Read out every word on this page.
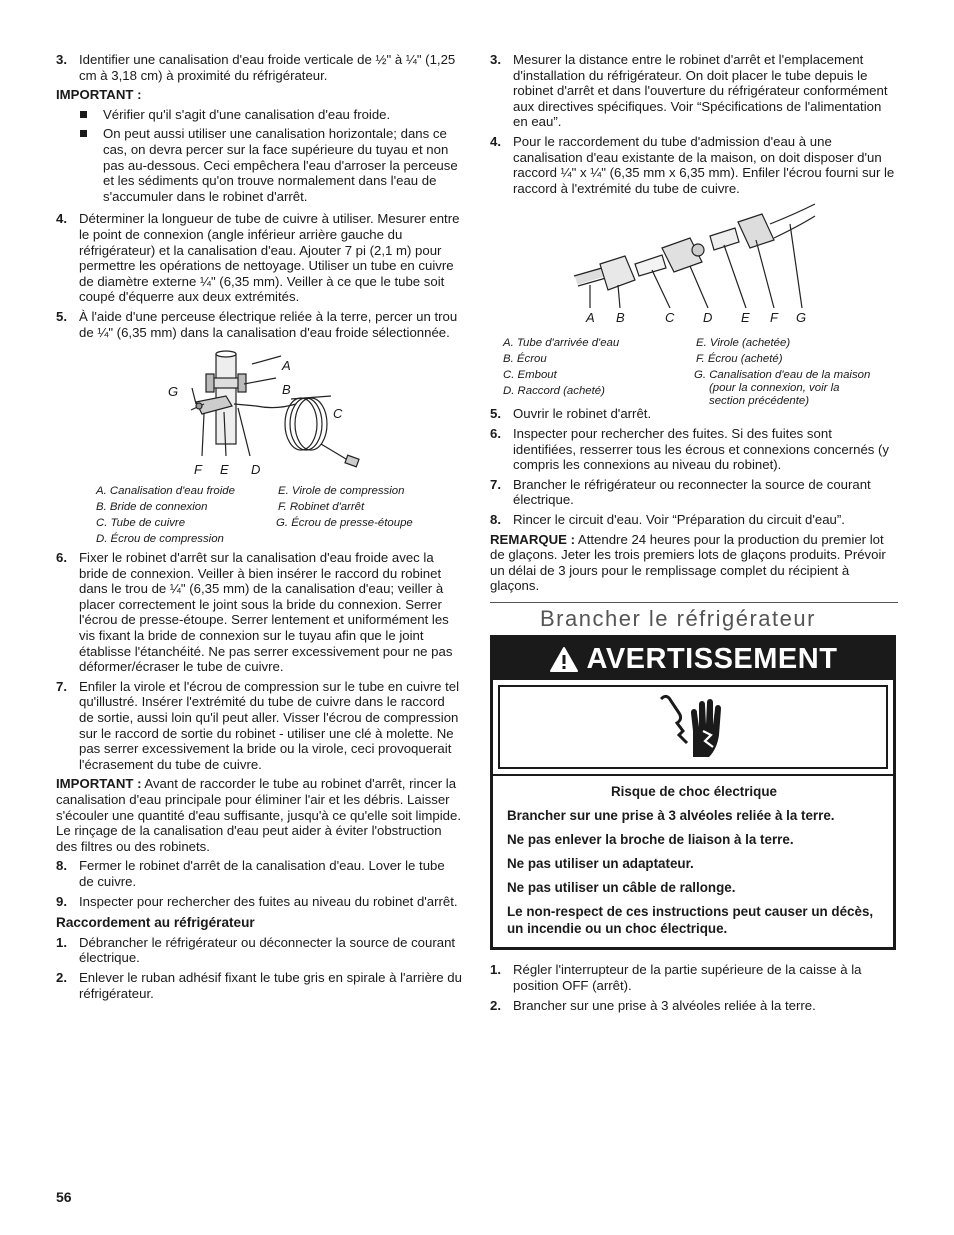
3. Identifier une canalisation d'eau froide verticale de ½" à ¼" (1,25 cm à 3,18 cm) à proximité du réfrigérateur.
IMPORTANT :
Vérifier qu'il s'agit d'une canalisation d'eau froide.
On peut aussi utiliser une canalisation horizontale; dans ce cas, on devra percer sur la face supérieure du tuyau et non pas au-dessous. Ceci empêchera l'eau d'arroser la perceuse et les sédiments qu'on trouve normalement dans l'eau de s'accumuler dans le robinet d'arrêt.
4. Déterminer la longueur de tube de cuivre à utiliser. Mesurer entre le point de connexion (angle inférieur arrière gauche du réfrigérateur) et la canalisation d'eau. Ajouter 7 pi (2,1 m) pour permettre les opérations de nettoyage. Utiliser un tube en cuivre de diamètre externe ¼" (6,35 mm). Veiller à ce que le tube soit coupé d'équerre aux deux extrémités.
5. À l'aide d'une perceuse électrique reliée à la terre, percer un trou de ¼" (6,35 mm) dans la canalisation d'eau froide sélectionnée.
A
B
C
D
E
F
G
A. Canalisation d'eau froide
B. Bride de connexion
C. Tube de cuivre
D. Écrou de compression
E. Virole de compression
F. Robinet d'arrêt
G. Écrou de presse-étoupe
6. Fixer le robinet d'arrêt sur la canalisation d'eau froide avec la bride de connexion. Veiller à bien insérer le raccord du robinet dans le trou de ¼" (6,35 mm) de la canalisation d'eau; veiller à placer correctement le joint sous la bride du connexion. Serrer l'écrou de presse-étoupe. Serrer lentement et uniformément les vis fixant la bride de connexion sur le tuyau afin que le joint établisse l'étanchéité. Ne pas serrer excessivement pour ne pas déformer/écraser le tube de cuivre.
7. Enfiler la virole et l'écrou de compression sur le tube en cuivre tel qu'illustré. Insérer l'extrémité du tube de cuivre dans le raccord de sortie, aussi loin qu'il peut aller. Visser l'écrou de compression sur le raccord de sortie du robinet - utiliser une clé à molette. Ne pas serrer excessivement la bride ou la virole, ceci provoquerait l'écrasement du tube de cuivre.

IMPORTANT : Avant de raccorder le tube au robinet d'arrêt, rincer la canalisation d'eau principale pour éliminer l'air et les débris. Laisser s'écouler une quantité d'eau suffisante, jusqu'à ce qu'elle soit limpide. Le rinçage de la canalisation d'eau peut aider à éviter l'obstruction des filtres ou des robinets.

8. Fermer le robinet d'arrêt de la canalisation d'eau. Lover le tube de cuivre.
9. Inspecter pour rechercher des fuites au niveau du robinet d'arrêt.
Raccordement au réfrigérateur
1. Débrancher le réfrigérateur ou déconnecter la source de courant électrique.
2. Enlever le ruban adhésif fixant le tube gris en spirale à l'arrière du réfrigérateur.
3. Mesurer la distance entre le robinet d'arrêt et l'emplacement d'installation du réfrigérateur. On doit placer le tube depuis le robinet d'arrêt et dans l'ouverture du réfrigérateur conformément aux directives spécifiques. Voir “Spécifications de l'alimentation en eau”.
4. Pour le raccordement du tube d'admission d'eau à une canalisation d'eau existante de la maison, on doit disposer d'un raccord ¼" x ¼" (6,35 mm x 6,35 mm). Enfiler l'écrou fourni sur le raccord à l'extrémité du tube de cuivre.
A B	C D E F G
A. Tube d'arrivée d'eau
B. Écrou
C. Embout
D. Raccord (acheté)
E. Virole (achetée)
F. Écrou (acheté)
G. Canalisation d'eau de la maison
(pour la connexion, voir la
section précédente)
5. Ouvrir le robinet d'arrêt.
6. Inspecter pour rechercher des fuites. Si des fuites sont identifiées, resserrer tous les écrous et connexions concernés (y compris les connexions au niveau du robinet).
7. Brancher le réfrigérateur ou reconnecter la source de courant électrique.
8. Rincer le circuit d'eau. Voir “Préparation du circuit d'eau”.

REMARQUE : Attendre 24 heures pour la production du premier lot de glaçons. Jeter les trois premiers lots de glaçons produits. Prévoir un délai de 3 jours pour le remplissage complet du récipient à glaçons.

Brancher le réfrigérateur
AVERTISSEMENT
Risque de choc électrique
Brancher sur une prise à 3 alvéoles reliée à la terre.
Ne pas enlever la broche de liaison à la terre.
Ne pas utiliser un adaptateur.
Ne pas utiliser un câble de rallonge.
Le non-respect de ces instructions peut causer un décès, un incendie ou un choc électrique.
1. Régler l'interrupteur de la partie supérieure de la caisse à la position OFF (arrêt).
2. Brancher sur une prise à 3 alvéoles reliée à la terre.
56
